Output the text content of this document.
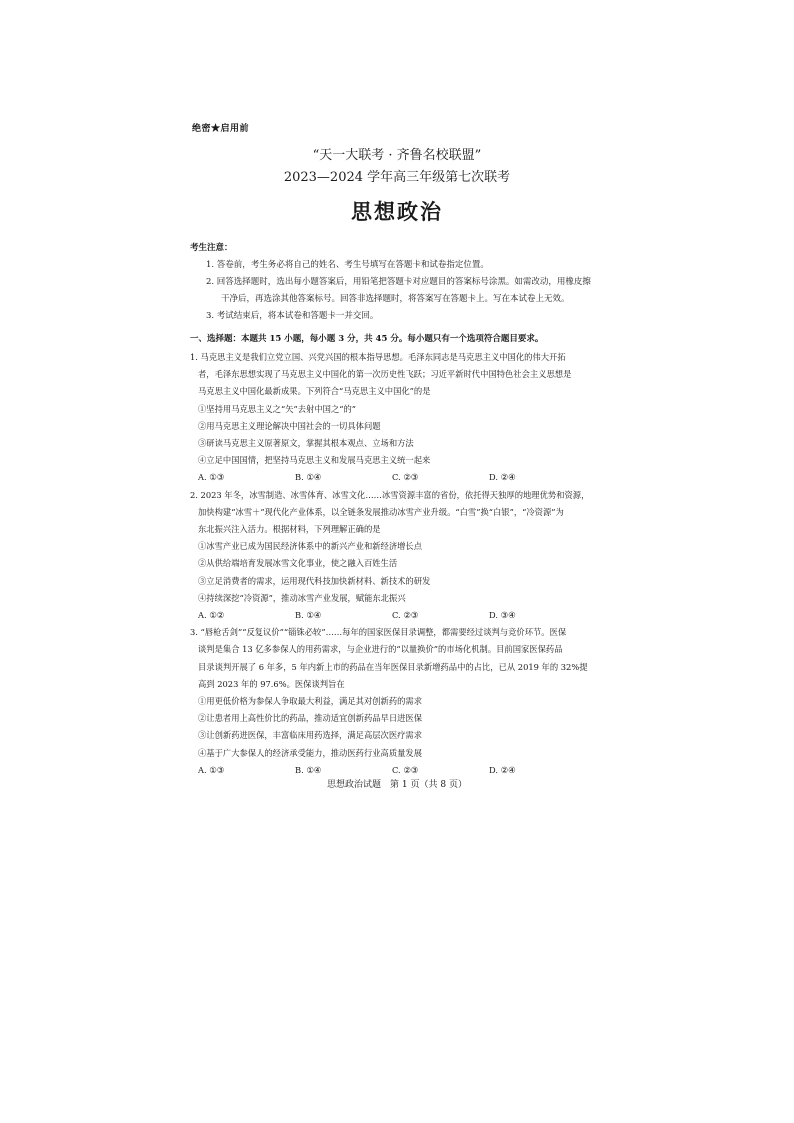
绝密★启用前
“天一大联考 · 齐鲁名校联盟”
2023—2024 学年高三年级第七次联考
思想政治
考生注意：
1. 答卷前，考生务必将自己的姓名、考生号填写在答题卡和试卷指定位置。
2. 回答选择题时，选出每小题答案后，用铅笔把答题卡对应题目的答案标号涂黑。如需改动，用橡皮擦
干净后，再选涂其他答案标号。回答非选择题时，将答案写在答题卡上。写在本试卷上无效。
3. 考试结束后，将本试卷和答题卡一并交回。
一、选择题：本题共 15 小题，每小题 3 分，共 45 分。每小题只有一个选项符合题目要求。
1. 马克思主义是我们立党立国、兴党兴国的根本指导思想。毛泽东同志是马克思主义中国化的伟大开拓
者，毛泽东思想实现了马克思主义中国化的第一次历史性飞跃；习近平新时代中国特色社会主义思想是
马克思主义中国化最新成果。下列符合“马克思主义中国化”的是
①坚持用马克思主义之“矢”去射中国之“的”
②用马克思主义理论解决中国社会的一切具体问题
③研读马克思主义原著原文，掌握其根本观点、立场和方法
④立足中国国情，把坚持马克思主义和发展马克思主义统一起来
A. ①③	B. ①④	C. ②③	D. ②④
2. 2023 年冬，冰雪制造、冰雪体育、冰雪文化……冰雪资源丰富的省份，依托得天独厚的地理优势和资源，
加快构建“冰雪＋”现代化产业体系，以全链条发展推动冰雪产业升级。“白雪”换“白银”，“冷资源”为
东北振兴注入活力。根据材料，下列理解正确的是
①冰雪产业已成为国民经济体系中的新兴产业和新经济增长点
②从供给端培育发展冰雪文化事业，使之融入百姓生活
③立足消费者的需求，运用现代科技加快新材料、新技术的研发
④持续深挖“冷资源”，推动冰雪产业发展，赋能东北振兴
A. ①②	B. ①④	C. ②③	D. ③④
3. “唇枪舌剑”“反复议价”“锱铢必较”……每年的国家医保目录调整，都需要经过谈判与竞价环节。医保
谈判是集合 13 亿多参保人的用药需求，与企业进行的“以量换价”的市场化机制。目前国家医保药品
目录谈判开展了 6 年多，5 年内新上市的药品在当年医保目录新增药品中的占比，已从 2019 年的 32%提
高到 2023 年的 97.6%。医保谈判旨在
①用更低价格为参保人争取最大利益，满足其对创新药的需求
②让患者用上高性价比的药品，推动适宜创新药品早日进医保
③让创新药进医保，丰富临床用药选择，满足高层次医疗需求
④基于广大参保人的经济承受能力，推动医药行业高质量发展
A. ①③	B. ①④	C. ②③	D. ②④
思想政治试题　第 1 页（共 8 页）
